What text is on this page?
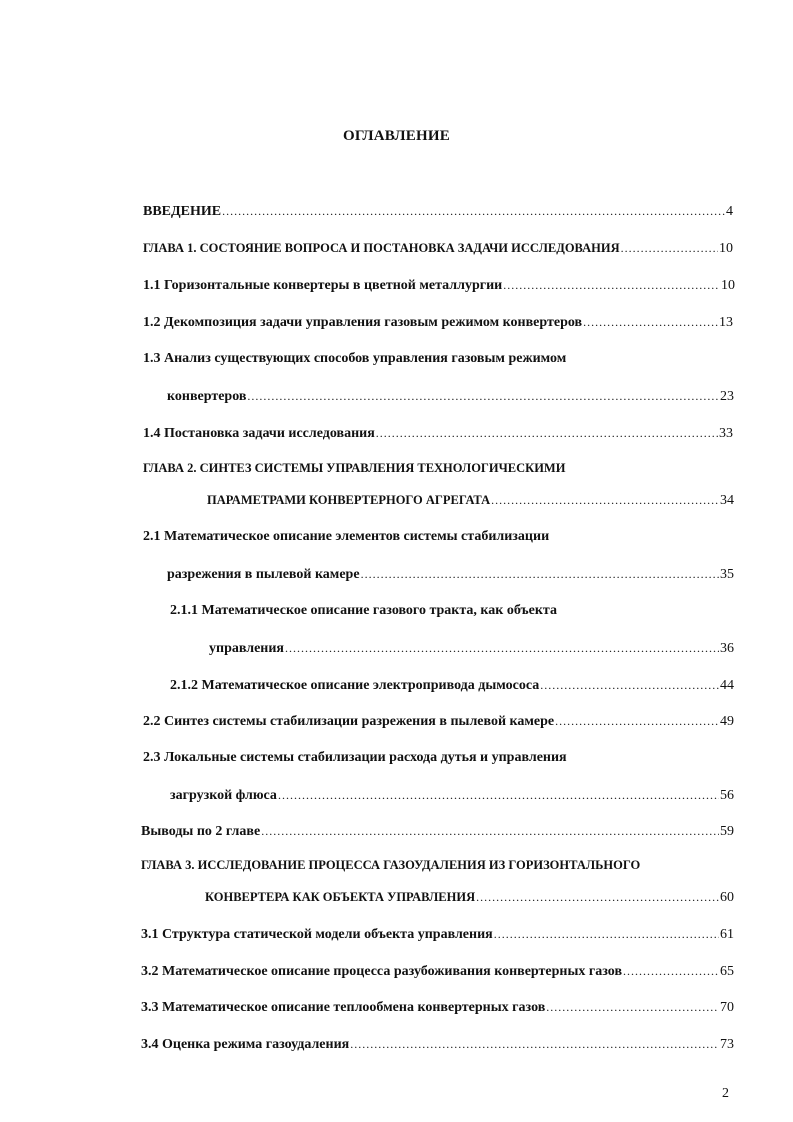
ОГЛАВЛЕНИЕ
ВВЕДЕНИЕ .....	4
ГЛАВА 1. СОСТОЯНИЕ ВОПРОСА И ПОСТАНОВКА ЗАДАЧИ ИССЛЕДОВАНИЯ .....	10
1.1 Горизонтальные конвертеры в цветной металлургии .....	10
1.2 Декомпозиция задачи управления газовым режимом конвертеров .....	13
1.3 Анализ существующих способов управления газовым режимом
конвертеров .....	23
1.4 Постановка задачи исследования .....	33
ГЛАВА 2. СИНТЕЗ СИСТЕМЫ УПРАВЛЕНИЯ ТЕХНОЛОГИЧЕСКИМИ
ПАРАМЕТРАМИ КОНВЕРТЕРНОГО АГРЕГАТА .....	34
2.1 Математическое описание элементов системы стабилизации
разрежения в пылевой камере .....	35
2.1.1 Математическое описание газового тракта, как объекта
управления .....	36
2.1.2 Математическое описание электропривода дымососа .....	44
2.2 Синтез системы стабилизации разрежения в пылевой камере .....	49
2.3 Локальные системы стабилизации расхода дутья и управления
загрузкой флюса .....	56
Выводы по 2 главе .....	59
ГЛАВА 3. ИССЛЕДОВАНИЕ ПРОЦЕССА ГАЗОУДАЛЕНИЯ ИЗ ГОРИЗОНТАЛЬНОГО
КОНВЕРТЕРА КАК ОБЪЕКТА УПРАВЛЕНИЯ .....	60
3.1 Структура статической модели объекта управления .....	61
3.2 Математическое описание процесса разубоживания конвертерных газов .....	65
3.3 Математическое описание теплообмена конвертерных газов .....	70
3.4 Оценка режима газоудаления .....	73
2
